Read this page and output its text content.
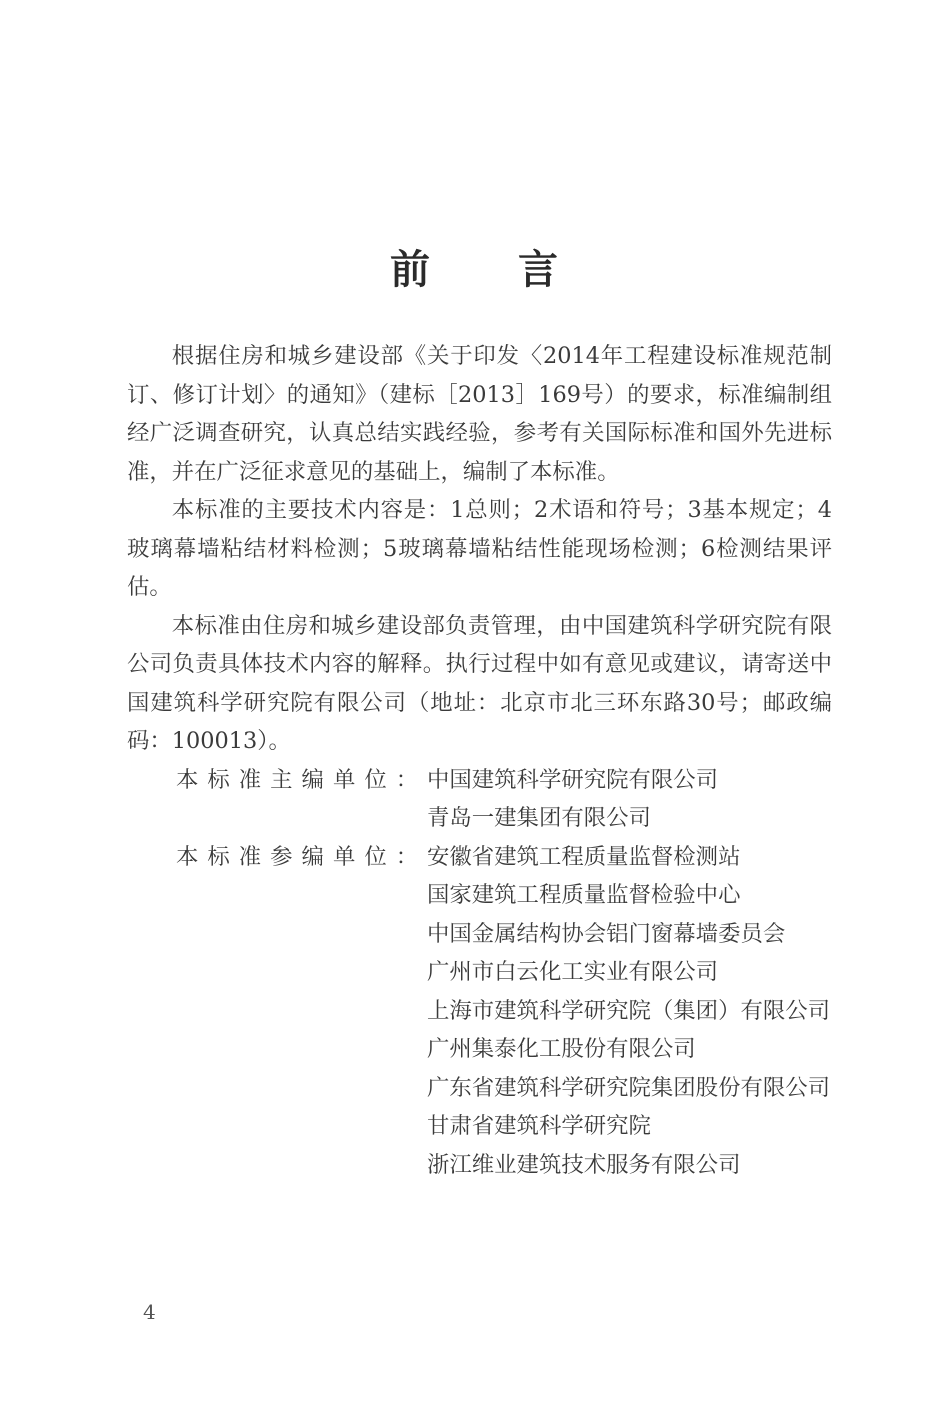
前 言

根据住房和城乡建设部《关于印发〈2014年工程建设标准规范制订、修订计划〉的通知》（建标［2013］169号）的要求，标准编制组经广泛调查研究，认真总结实践经验，参考有关国际标准和国外先进标准，并在广泛征求意见的基础上，编制了本标准。

本标准的主要技术内容是：1总则；2术语和符号；3基本规定；4玻璃幕墙粘结材料检测；5玻璃幕墙粘结性能现场检测；6检测结果评估。

本标准由住房和城乡建设部负责管理，由中国建筑科学研究院有限公司负责具体技术内容的解释。执行过程中如有意见或建议，请寄送中国建筑科学研究院有限公司（地址：北京市北三环东路30号；邮政编码：100013）。

本标准主编单位： 中国建筑科学研究院有限公司
青岛一建集团有限公司
本标准参编单位： 安徽省建筑工程质量监督检测站
国家建筑工程质量监督检验中心
中国金属结构协会铝门窗幕墙委员会
广州市白云化工实业有限公司
上海市建筑科学研究院（集团）有限公司
广州集泰化工股份有限公司
广东省建筑科学研究院集团股份有限公司
甘肃省建筑科学研究院
浙江维业建筑技术服务有限公司
4
